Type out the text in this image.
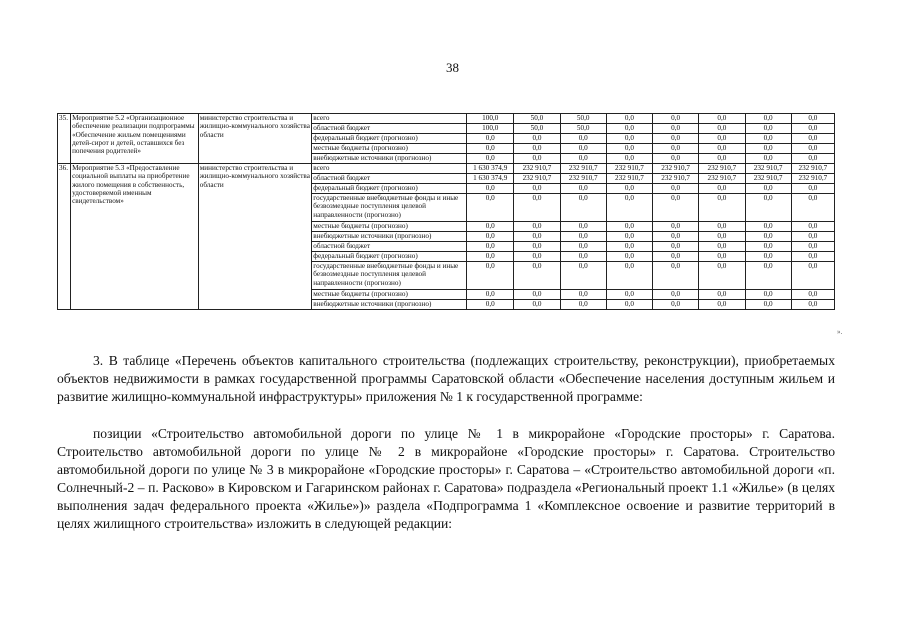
38
35.	Мероприятие 5.2 «Организационное обеспечение реализации подпрограммы «Обеспечение жильем помещениями детей-сирот и детей, оставшихся без попечения родителей»	министерство строительства и жилищно-коммунального хозяйства области	всего	100,0	50,0	50,0	0,0	0,0	0,0	0,0	0,0
			областной бюджет	100,0	50,0	50,0	0,0	0,0	0,0	0,0	0,0
			федеральный бюджет (прогнозно)	0,0	0,0	0,0	0,0	0,0	0,0	0,0	0,0
			местные бюджеты (прогнозно)	0,0	0,0	0,0	0,0	0,0	0,0	0,0	0,0
			внебюджетные источники (прогнозно)	0,0	0,0	0,0	0,0	0,0	0,0	0,0	0,0
36.	Мероприятие 5.3 «Предоставление социальной выплаты на приобретение жилого помещения в собственность, удостоверяемой именным свидетельством»	министерство строительства и жилищно-коммунального хозяйства области	всего	1 630 374,9	232 910,7	232 910,7	232 910,7	232 910,7	232 910,7	232 910,7	232 910,7
			областной бюджет	1 630 374,9	232 910,7	232 910,7	232 910,7	232 910,7	232 910,7	232 910,7	232 910,7
			федеральный бюджет (прогнозно)	0,0	0,0	0,0	0,0	0,0	0,0	0,0	0,0
			государственные внебюджетные фонды и иные безвозмездные поступления целевой направленности (прогнозно)	0,0	0,0	0,0	0,0	0,0	0,0	0,0	0,0
			местные бюджеты (прогнозно)	0,0	0,0	0,0	0,0	0,0	0,0	0,0	0,0
			внебюджетные источники (прогнозно)	0,0	0,0	0,0	0,0	0,0	0,0	0,0	0,0
			областной бюджет	0,0	0,0	0,0	0,0	0,0	0,0	0,0	0,0
			федеральный бюджет (прогнозно)	0,0	0,0	0,0	0,0	0,0	0,0	0,0	0,0
			государственные внебюджетные фонды и иные безвозмездные поступления целевой направленности (прогнозно)	0,0	0,0	0,0	0,0	0,0	0,0	0,0	0,0
			местные бюджеты (прогнозно)	0,0	0,0	0,0	0,0	0,0	0,0	0,0	0,0
			внебюджетные источники (прогнозно)	0,0	0,0	0,0	0,0	0,0	0,0	0,0	0,0
».
3. В таблице «Перечень объектов капитального строительства (подлежащих строительству, реконструкции), приобретаемых объектов недвижимости в рамках государственной программы Саратовской области «Обеспечение населения доступным жильем и развитие жилищно-коммунальной инфраструктуры» приложения № 1 к государственной программе:
позиции «Строительство автомобильной дороги по улице № 1 в микрорайоне «Городские просторы» г. Саратова. Строительство автомобильной дороги по улице № 2 в микрорайоне «Городские просторы» г. Саратова. Строительство автомобильной дороги по улице № 3 в микрорайоне «Городские просторы» г. Саратова – «Строительство автомобильной дороги «п. Солнечный-2 – п. Расково» в Кировском и Гагаринском районах г. Саратова» подраздела «Региональный проект 1.1 «Жилье» (в целях выполнения задач федерального проекта «Жилье»)» раздела «Подпрограмма 1 «Комплексное освоение и развитие территорий в целях жилищного строительства» изложить в следующей редакции:
